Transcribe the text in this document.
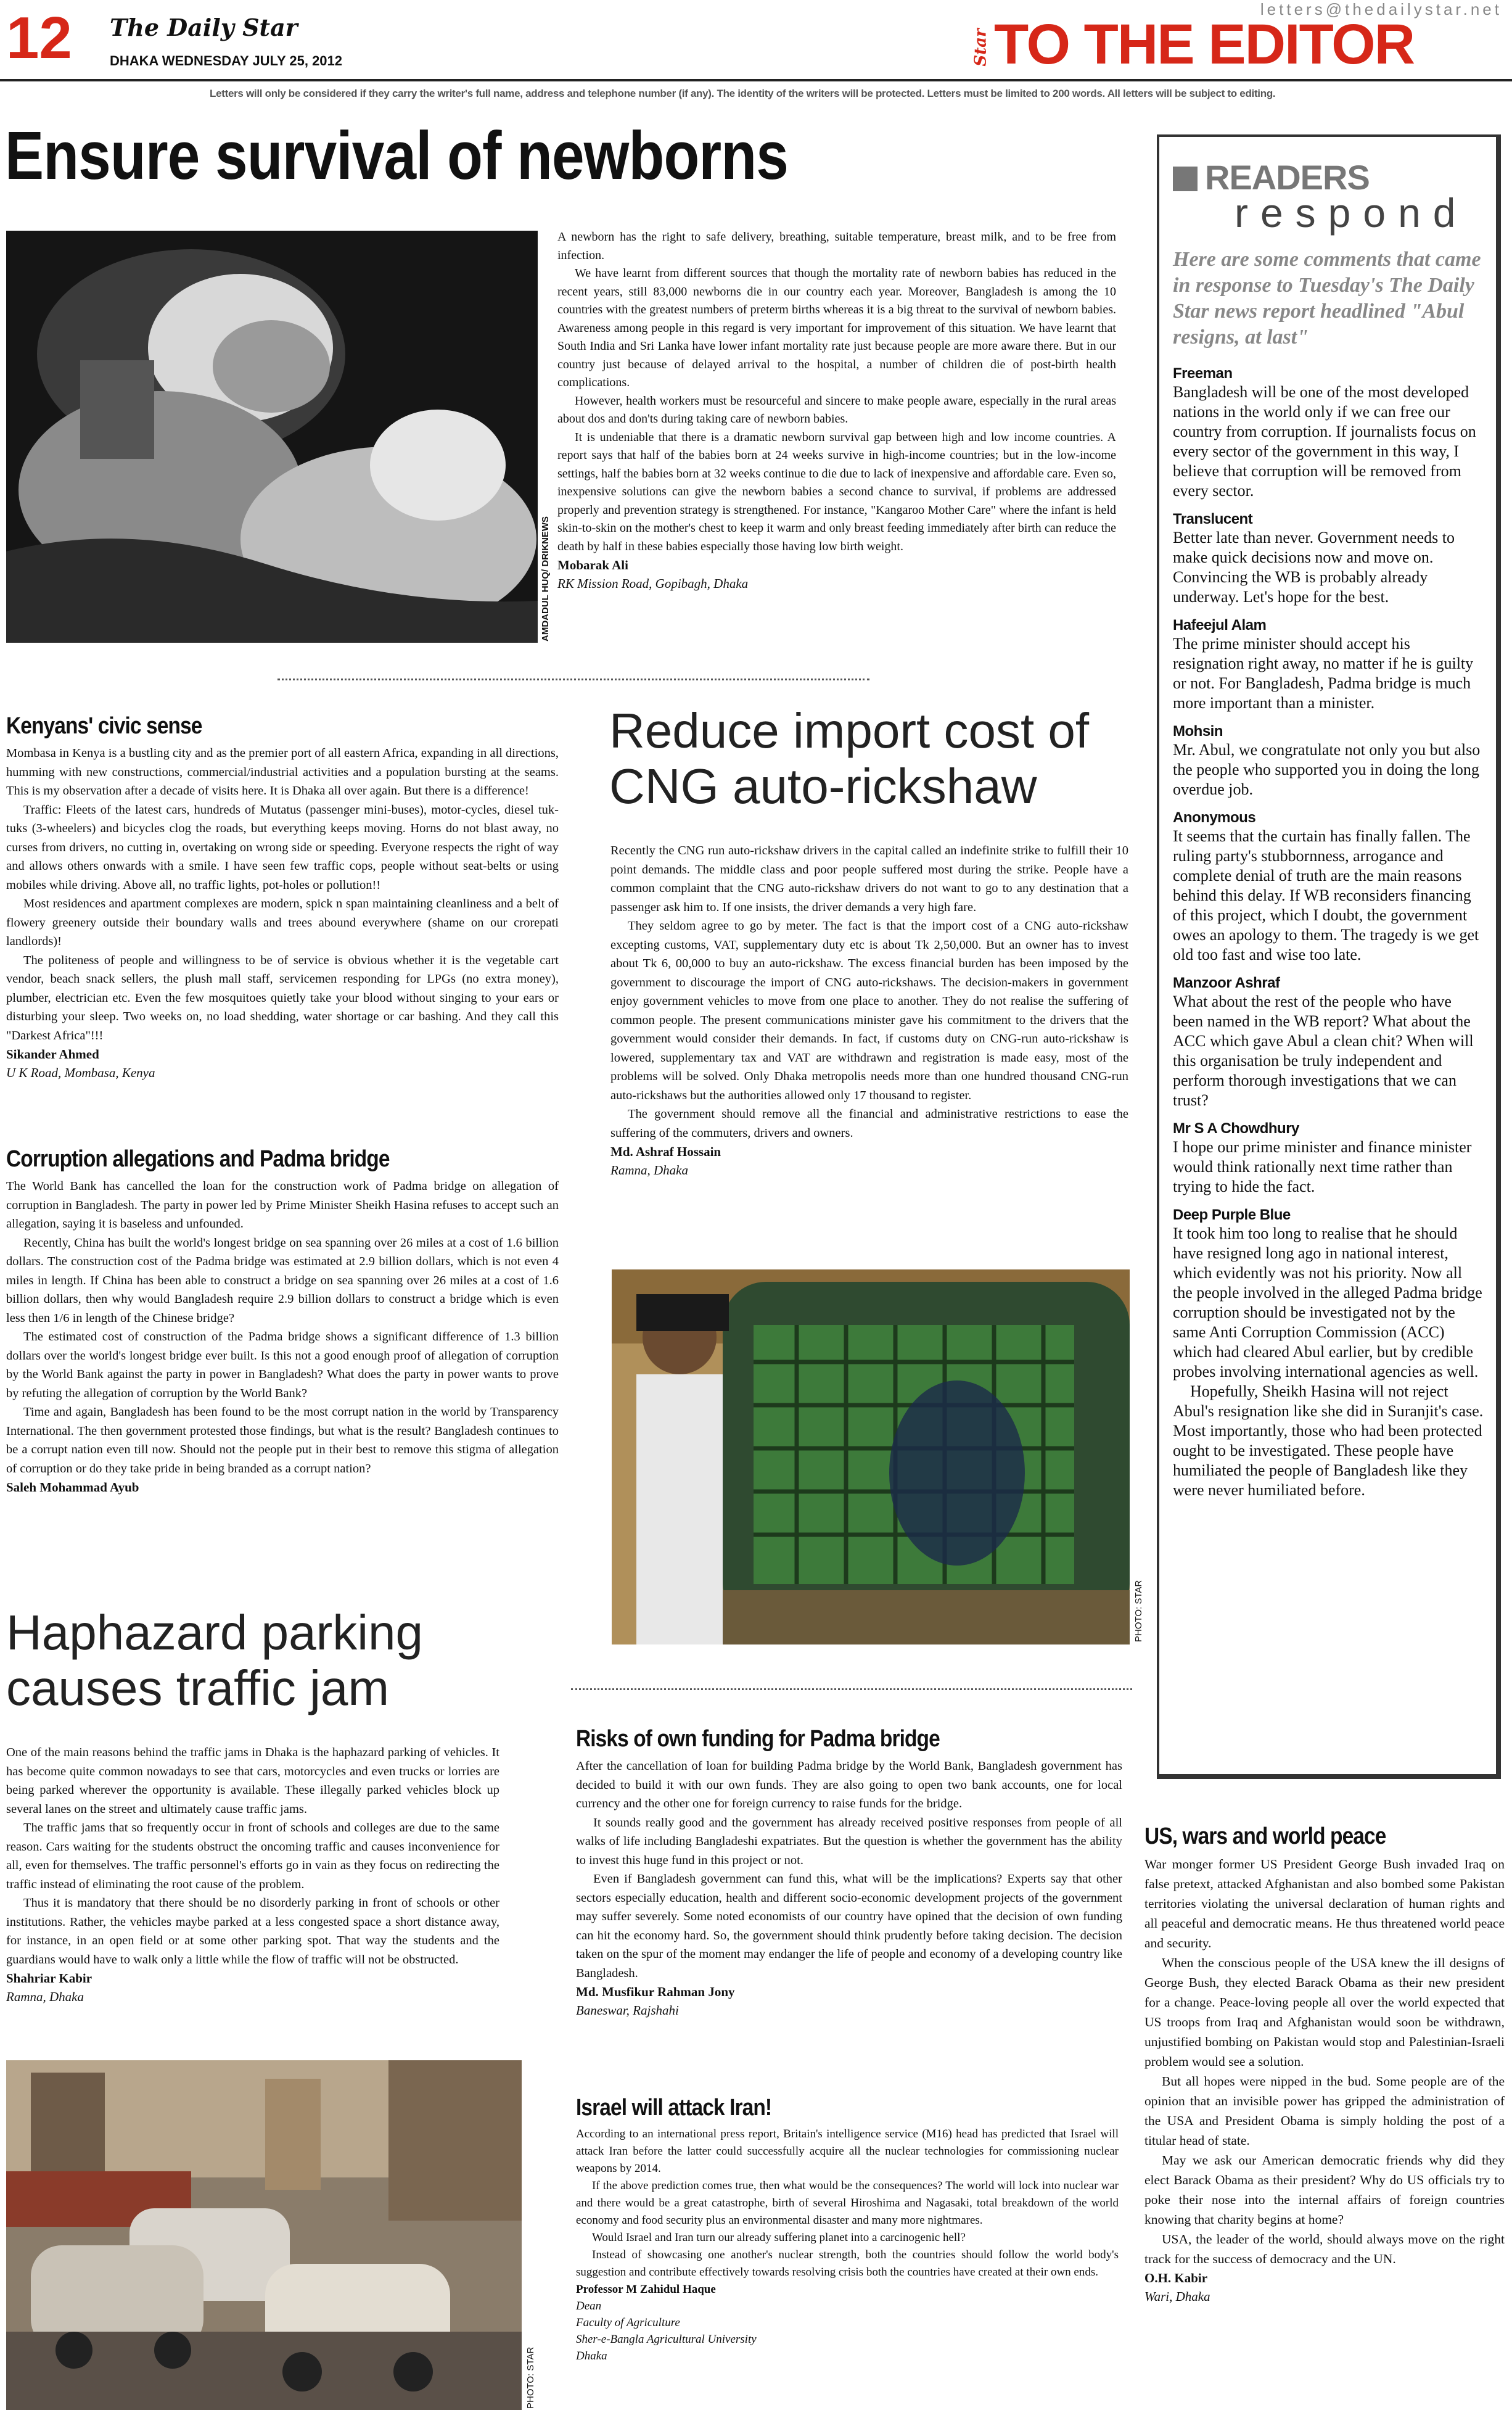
12 The Daily Star
DHAKA WEDNESDAY JULY 25, 2012
letters@thedailystar.net
Star TO THE EDITOR
Letters will only be considered if they carry the writer's full name, address and telephone number (if any). The identity of the writers will be protected. Letters must be limited to 200 words. All letters will be subject to editing.
Ensure survival of newborns
AMDADUL HUQ/ DRIKNEWS

A newborn has the right to safe delivery, breathing, suitable temperature, breast milk, and to be free from infection.

We have learnt from different sources that though the mortality rate of newborn babies has reduced in the recent years, still 83,000 newborns die in our country each year. Moreover, Bangladesh is among the 10 countries with the greatest numbers of preterm births whereas it is a big threat to the survival of newborn babies. Awareness among people in this regard is very important for improvement of this situation. We have learnt that South India and Sri Lanka have lower infant mortality rate just because people are more aware there. But in our country just because of delayed arrival to the hospital, a number of children die of post-birth health complications.

However, health workers must be resourceful and sincere to make people aware, especially in the rural areas about dos and don'ts during taking care of newborn babies.

It is undeniable that there is a dramatic newborn survival gap between high and low income countries. A report says that half of the babies born at 24 weeks survive in high-income countries; but in the low-income settings, half the babies born at 32 weeks continue to die due to lack of inexpensive and affordable care. Even so, inexpensive solutions can give the newborn babies a second chance to survival, if problems are addressed properly and prevention strategy is strengthened. For instance, "Kangaroo Mother Care" where the infant is held skin-to-skin on the mother's chest to keep it warm and only breast feeding immediately after birth can reduce the death by half in these babies especially those having low birth weight.

Mobarak Ali
RK Mission Road, Gopibagh, Dhaka
Kenyans' civic sense

Mombasa in Kenya is a bustling city and as the premier port of all eastern Africa, expanding in all directions, humming with new constructions, commercial/industrial activities and a population bursting at the seams. This is my observation after a decade of visits here. It is Dhaka all over again. But there is a difference!

Traffic: Fleets of the latest cars, hundreds of Mutatus (passenger mini-buses), motor-cycles, diesel tuk-tuks (3-wheelers) and bicycles clog the roads, but everything keeps moving. Horns do not blast away, no curses from drivers, no cutting in, overtaking on wrong side or speeding. Everyone respects the right of way and allows others onwards with a smile. I have seen few traffic cops, people without seat-belts or using mobiles while driving. Above all, no traffic lights, pot-holes or pollution!!

Most residences and apartment complexes are modern, spick n span maintaining cleanliness and a belt of flowery greenery outside their boundary walls and trees abound everywhere (shame on our crorepati landlords)!

The politeness of people and willingness to be of service is obvious whether it is the vegetable cart vendor, beach snack sellers, the plush mall staff, servicemen responding for LPGs (no extra money), plumber, electrician etc. Even the few mosquitoes quietly take your blood without singing to your ears or disturbing your sleep. Two weeks on, no load shedding, water shortage or car bashing. And they call this "Darkest Africa"!!!

Sikander Ahmed
U K Road, Mombasa, Kenya
Corruption allegations and Padma bridge

The World Bank has cancelled the loan for the construction work of Padma bridge on allegation of corruption in Bangladesh. The party in power led by Prime Minister Sheikh Hasina refuses to accept such an allegation, saying it is baseless and unfounded.

Recently, China has built the world's longest bridge on sea spanning over 26 miles at a cost of 1.6 billion dollars. The construction cost of the Padma bridge was estimated at 2.9 billion dollars, which is not even 4 miles in length. If China has been able to construct a bridge on sea spanning over 26 miles at a cost of 1.6 billion dollars, then why would Bangladesh require 2.9 billion dollars to construct a bridge which is even less then 1/6 in length of the Chinese bridge?

The estimated cost of construction of the Padma bridge shows a significant difference of 1.3 billion dollars over the world's longest bridge ever built. Is this not a good enough proof of allegation of corruption by the World Bank against the party in power in Bangladesh? What does the party in power wants to prove by refuting the allegation of corruption by the World Bank?

Time and again, Bangladesh has been found to be the most corrupt nation in the world by Transparency International. The then government protested those findings, but what is the result? Bangladesh continues to be a corrupt nation even till now. Should not the people put in their best to remove this stigma of allegation of corruption or do they take pride in being branded as a corrupt nation?

Saleh Mohammad Ayub
Haphazard parking
causes traffic jam

One of the main reasons behind the traffic jams in Dhaka is the haphazard parking of vehicles. It has become quite common nowadays to see that cars, motorcycles and even trucks or lorries are being parked wherever the opportunity is available. These illegally parked vehicles block up several lanes on the street and ultimately cause traffic jams.

The traffic jams that so frequently occur in front of schools and colleges are due to the same reason. Cars waiting for the students obstruct the oncoming traffic and causes inconvenience for all, even for themselves. The traffic personnel's efforts go in vain as they focus on redirecting the traffic instead of eliminating the root cause of the problem.

Thus it is mandatory that there should be no disorderly parking in front of schools or other institutions. Rather, the vehicles maybe parked at a less congested space a short distance away, for instance, in an open field or at some other parking spot. That way the students and the guardians would have to walk only a little while the flow of traffic will not be obstructed.

Shahriar Kabir
Ramna, Dhaka
PHOTO: STAR
Reduce import cost of
CNG auto-rickshaw

Recently the CNG run auto-rickshaw drivers in the capital called an indefinite strike to fulfill their 10 point demands. The middle class and poor people suffered most during the strike. People have a common complaint that the CNG auto-rickshaw drivers do not want to go to any destination that a passenger ask him to. If one insists, the driver demands a very high fare.

They seldom agree to go by meter. The fact is that the import cost of a CNG auto-rickshaw excepting customs, VAT, supplementary duty etc is about Tk 2,50,000. But an owner has to invest about Tk 6, 00,000 to buy an auto-rickshaw. The excess financial burden has been imposed by the government to discourage the import of CNG auto-rickshaws. The decision-makers in government enjoy government vehicles to move from one place to another. They do not realise the suffering of common people. The present communications minister gave his commitment to the drivers that the government would consider their demands. In fact, if customs duty on CNG-run auto-rickshaw is lowered, supplementary tax and VAT are withdrawn and registration is made easy, most of the problems will be solved. Only Dhaka metropolis needs more than one hundred thousand CNG-run auto-rickshaws but the authorities allowed only 17 thousand to register.

The government should remove all the financial and administrative restrictions to ease the suffering of the commuters, drivers and owners.

Md. Ashraf Hossain
Ramna, Dhaka
PHOTO: STAR
Risks of own funding for Padma bridge

After the cancellation of loan for building Padma bridge by the World Bank, Bangladesh government has decided to build it with our own funds. They are also going to open two bank accounts, one for local currency and the other one for foreign currency to raise funds for the bridge.

It sounds really good and the government has already received positive responses from people of all walks of life including Bangladeshi expatriates. But the question is whether the government has the ability to invest this huge fund in this project or not.

Even if Bangladesh government can fund this, what will be the implications? Experts say that other sectors especially education, health and different socio-economic development projects of the government may suffer severely. Some noted economists of our country have opined that the decision of own funding can hit the economy hard. So, the government should think prudently before taking decision. The decision taken on the spur of the moment may endanger the life of people and economy of a developing country like Bangladesh.

Md. Musfikur Rahman Jony
Baneswar, Rajshahi
Israel will attack Iran!

According to an international press report, Britain's intelligence service (M16) head has predicted that Israel will attack Iran before the latter could successfully acquire all the nuclear technologies for commissioning nuclear weapons by 2014.

If the above prediction comes true, then what would be the consequences? The world will lock into nuclear war and there would be a great catastrophe, birth of several Hiroshima and Nagasaki, total breakdown of the world economy and food security plus an environmental disaster and many more nightmares.

Would Israel and Iran turn our already suffering planet into a carcinogenic hell?

Instead of showcasing one another's nuclear strength, both the countries should follow the world body's suggestion and contribute effectively towards resolving crisis both the countries have created at their own ends.

Professor M Zahidul Haque
Dean
Faculty of Agriculture
Sher-e-Bangla Agricultural University
Dhaka
READERS
respond
Here are some comments that came in response to Tuesday's The Daily Star news report headlined "Abul resigns, at last"
Freeman
Bangladesh will be one of the most developed nations in the world only if we can free our country from corruption. If journalists focus on every sector of the government in this way, I believe that corruption will be removed from every sector.
Translucent
Better late than never. Government needs to make quick decisions now and move on. Convincing the WB is probably already underway. Let's hope for the best.
Hafeejul Alam
The prime minister should accept his resignation right away, no matter if he is guilty or not. For Bangladesh, Padma bridge is much more important than a minister.
Mohsin
Mr. Abul, we congratulate not only you but also the people who supported you in doing the long overdue job.
Anonymous
It seems that the curtain has finally fallen. The ruling party's stubbornness, arrogance and complete denial of truth are the main reasons behind this delay. If WB reconsiders financing of this project, which I doubt, the government owes an apology to them. The tragedy is we get old too fast and wise too late.
Manzoor Ashraf
What about the rest of the people who have been named in the WB report? What about the ACC which gave Abul a clean chit? When will this organisation be truly independent and perform thorough investigations that we can trust?
Mr S A Chowdhury
I hope our prime minister and finance minister would think rationally next time rather than trying to hide the fact.
Deep Purple Blue
It took him too long to realise that he should have resigned long ago in national interest, which evidently was not his priority. Now all the people involved in the alleged Padma bridge corruption should be investigated not by the same Anti Corruption Commission (ACC) which had cleared Abul earlier, but by credible probes involving international agencies as well.
Hopefully, Sheikh Hasina will not reject Abul's resignation like she did in Suranjit's case. Most importantly, those who had been protected ought to be investigated. These people have humiliated the people of Bangladesh like they were never humiliated before.
US, wars and world peace

War monger former US President George Bush invaded Iraq on false pretext, attacked Afghanistan and also bombed some Pakistan territories violating the universal declaration of human rights and all peaceful and democratic means. He thus threatened world peace and security.

When the conscious people of the USA knew the ill designs of George Bush, they elected Barack Obama as their new president for a change. Peace-loving people all over the world expected that US troops from Iraq and Afghanistan would soon be withdrawn, unjustified bombing on Pakistan would stop and Palestinian-Israeli problem would see a solution.

But all hopes were nipped in the bud. Some people are of the opinion that an invisible power has gripped the administration of the USA and President Obama is simply holding the post of a titular head of state.

May we ask our American democratic friends why did they elect Barack Obama as their president? Why do US officials try to poke their nose into the internal affairs of foreign countries knowing that charity begins at home?

USA, the leader of the world, should always move on the right track for the success of democracy and the UN.

O.H. Kabir
Wari, Dhaka
